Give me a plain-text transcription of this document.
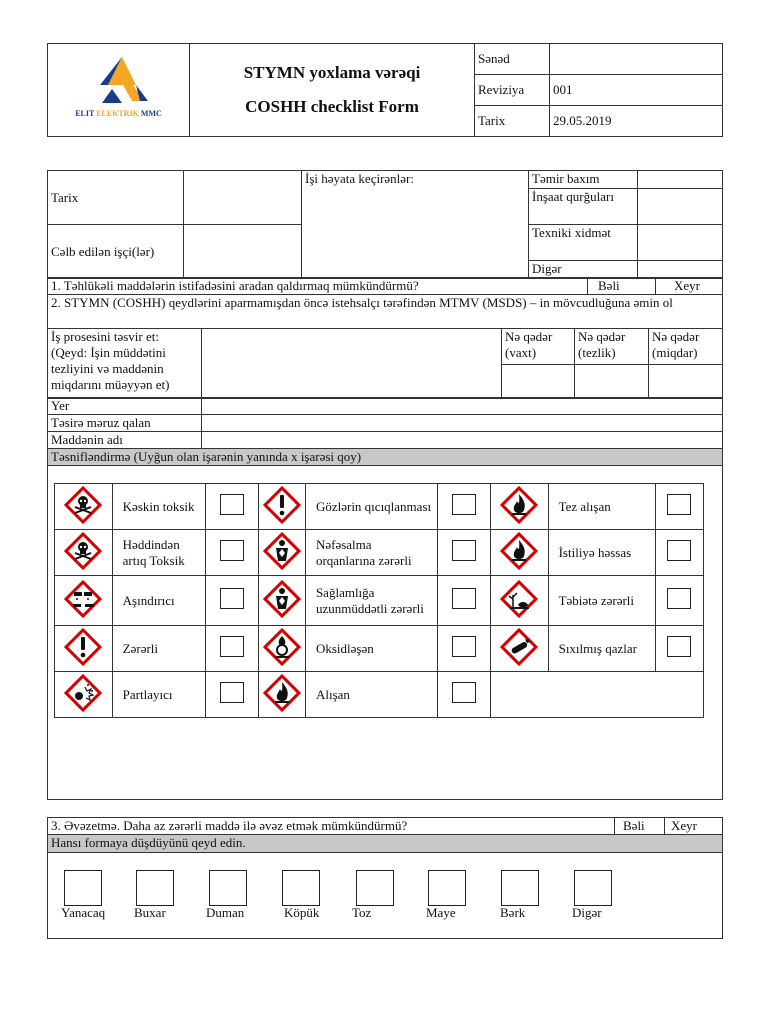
ELIT ELEKTRIK MMC	STYMN yoxlama vərəqi
COSHH checklist Form	Sənəd	
		Reviziya	001
		Tarix	29.05.2019
Tarix		İşi həyata keçirənlər:	Təmir baxım	
			İnşaat qurğuları	
Cəlb edilən işçi(lər)			Texniki xidmət	
			Digər	
1. Təhlükəli maddələrin istifadəsini aradan qaldırmaq mümkündürmü?	Bəli	Xeyr
2. STYMN (COSHH) qeydlərini aparmamışdan öncə istehsalçı tərəfindən MTMV (MSDS) – in mövcudluğuna əmin ol
İş prosesini təsvir et:
(Qeyd: İşin müddətini tezliyini və maddənin miqdarını müəyyən et)		Nə qədər (vaxt)	Nə qədər (tezlik)	Nə qədər (miqdar)

Yer	
Təsirə məruz qalan	
Maddənin adı	
Təsnifləndirmə (Uyğun olan işarənin yanında x işarəsi qoy)	
	Kəskin toksik			Gözlərin qıcıqlanması			Tez alışan	

	Həddindən artıq Toksik			Nəfəsalma orqanlarına zərərli			İstiliyə həssas	

	Aşındırıcı			Sağlamlığa uzunmüddətli zərərli			Təbiətə zərərli	

	Zərərli			Oksidləşən			Sıxılmış qazlar	

	Partlayıcı			Alışan				
3. Əvəzetmə. Daha az zərərli maddə ilə əvəz etmək mümkündürmü?	Bəli	Xeyr
Hansı formaya düşdüyünü qeyd edin.
Yanacaq Buxar	Duman	Köpük	Toz	Maye	Bərk	Digər
